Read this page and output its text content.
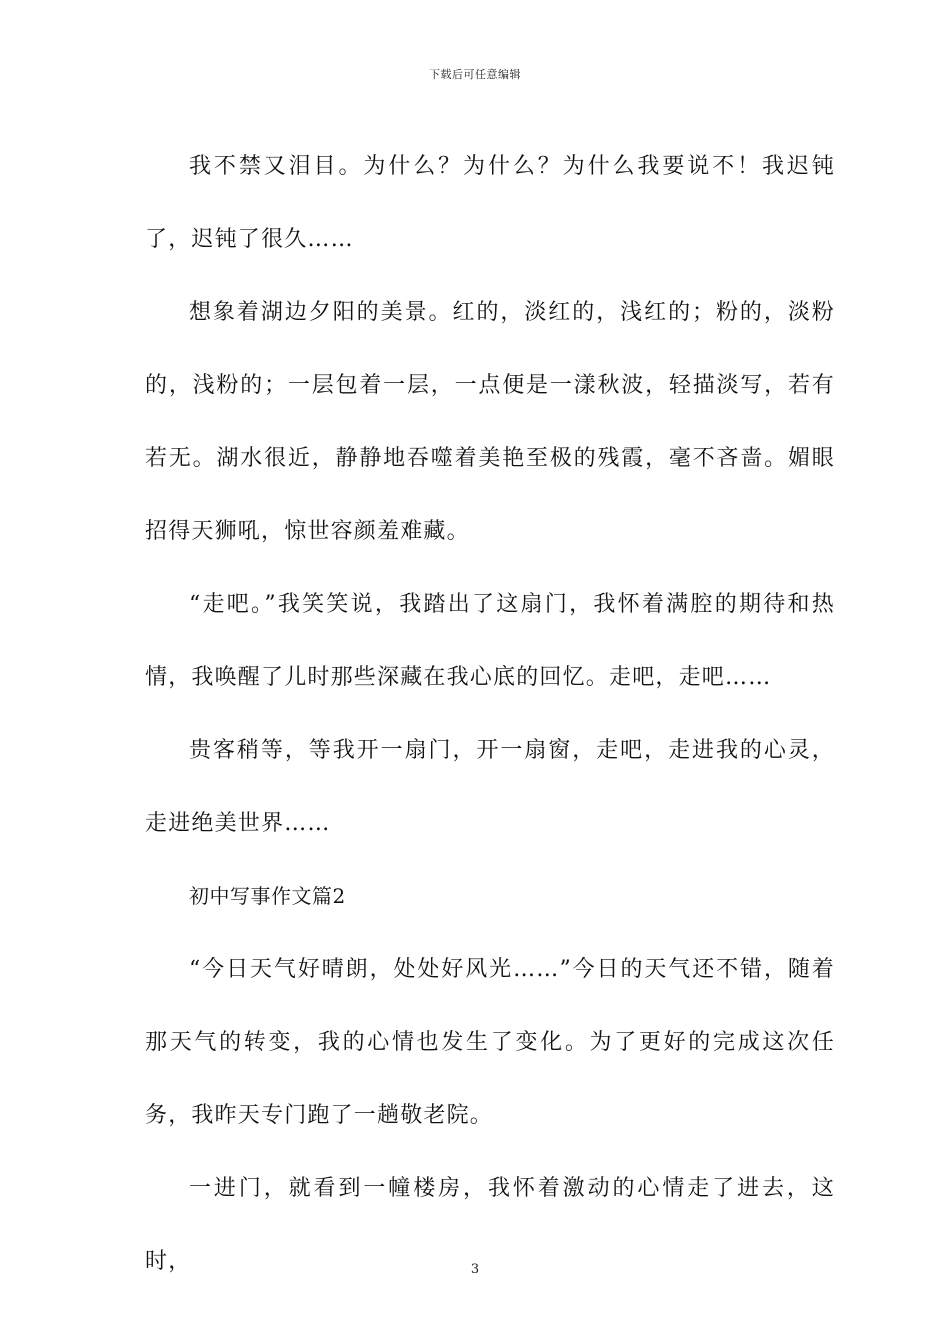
下载后可任意编辑

我不禁又泪目。为什么？为什么？为什么我要说不！我迟钝了，迟钝了很久……

想象着湖边夕阳的美景。红的，淡红的，浅红的；粉的，淡粉的，浅粉的；一层包着一层，一点便是一漾秋波，轻描淡写，若有若无。湖水很近，静静地吞噬着美艳至极的残霞，毫不吝啬。媚眼招得天狮吼，惊世容颜羞难藏。

“走吧。”我笑笑说，我踏出了这扇门，我怀着满腔的期待和热情，我唤醒了儿时那些深藏在我心底的回忆。走吧，走吧……

贵客稍等，等我开一扇门，开一扇窗，走吧，走进我的心灵，走进绝美世界……

初中写事作文篇2

“今日天气好晴朗，处处好风光……”今日的天气还不错，随着那天气的转变，我的心情也发生了变化。为了更好的完成这次任务，我昨天专门跑了一趟敬老院。

一进门，就看到一幢楼房，我怀着激动的心情走了进去，这时，	3
